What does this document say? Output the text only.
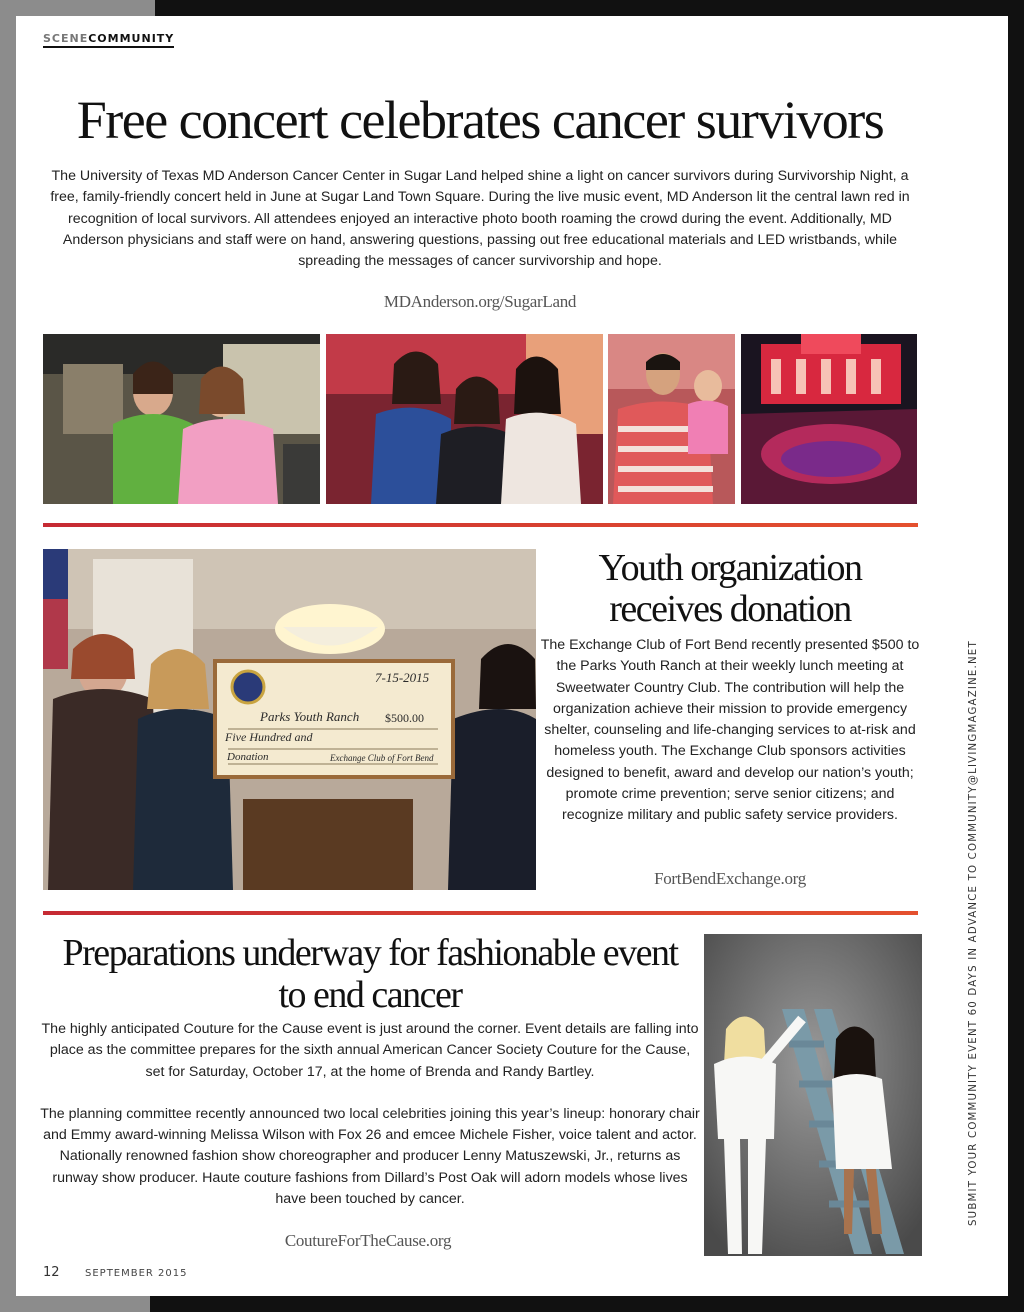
SCENECOMMUNITY
Free concert celebrates cancer survivors

The University of Texas MD Anderson Cancer Center in Sugar Land helped shine a light on cancer survivors during Survivorship Night, a free, family-friendly concert held in June at Sugar Land Town Square. During the live music event, MD Anderson lit the central lawn red in recognition of local survivors. All attendees enjoyed an interactive photo booth roaming the crowd during the event. Additionally, MD Anderson physicians and staff were on hand, answering questions, passing out free educational materials and LED wristbands, while spreading the messages of cancer survivorship and hope.

MDAnderson.org/SugarLand
Youth organization
receives donation

The Exchange Club of Fort Bend recently presented $500 to the Parks Youth Ranch at their weekly lunch meeting at Sweetwater Country Club. The contribution will help the organization achieve their mission to provide emergency shelter, counseling and life-changing services to at-risk and homeless youth. The Exchange Club sponsors activities designed to benefit, award and develop our nation’s youth; promote crime prevention; serve senior citizens; and recognize military and public safety service providers.

FortBendExchange.org
7-15-2015
Parks Youth Ranch $500.00
Five Hundred and
Donation	Exchange Club of Fort Bend
Preparations underway for fashionable event
to end cancer

The highly anticipated Couture for the Cause event is just around the corner. Event details are falling into place as the committee prepares for the sixth annual American Cancer Society Couture for the Cause, set for Saturday, October 17, at the home of Brenda and Randy Bartley.

The planning committee recently announced two local celebrities joining this year’s lineup: honorary chair and Emmy award-winning Melissa Wilson with Fox 26 and emcee Michele Fisher, voice talent and actor. Nationally renowned fashion show choreographer and producer Lenny Matuszewski, Jr., returns as runway show producer. Haute couture fashions from Dillard’s Post Oak will adorn models whose lives have been touched by cancer.

CoutureForTheCause.org
SUBMIT YOUR COMMUNITY EVENT 60 DAYS IN ADVANCE TO COMMUNITY@LIVINGMAGAZINE.NET
12	SEPTEMBER 2015
